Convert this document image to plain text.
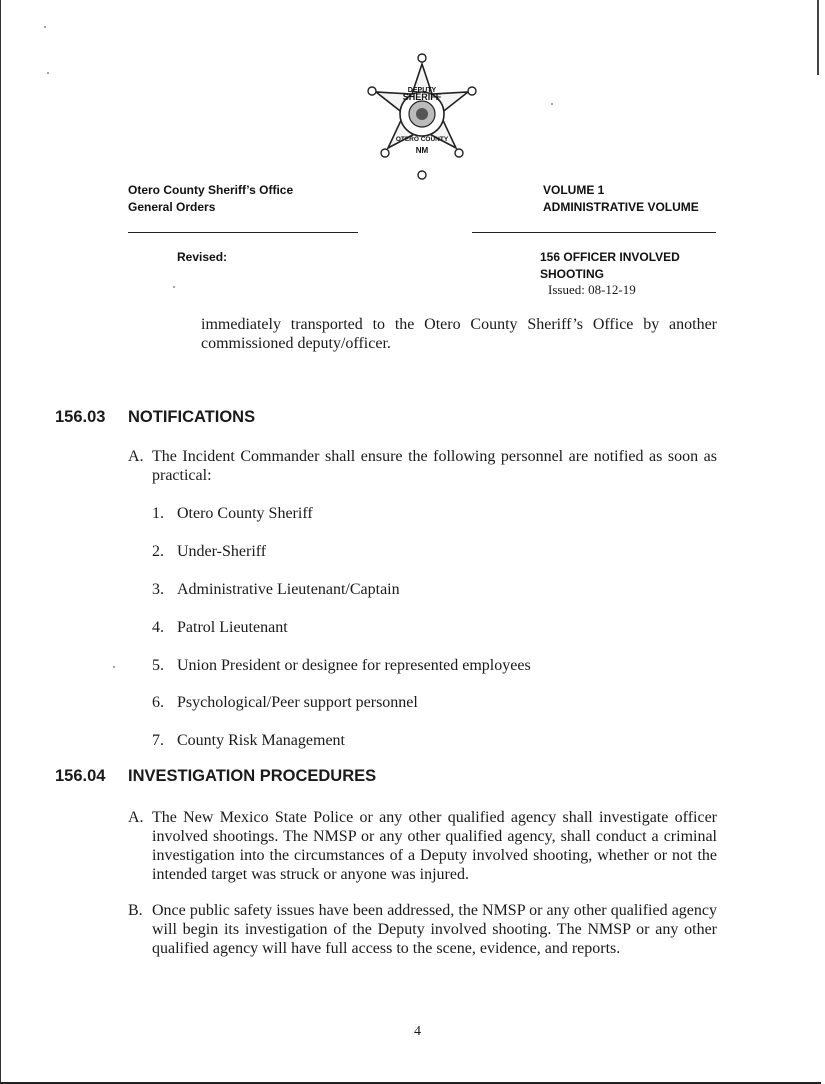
DEPUTY
SHERIFF
OTERO COUNTY
NM
Otero County Sheriff’s Office
General Orders
VOLUME 1
ADMINISTRATIVE VOLUME
Revised:	156 OFFICER INVOLVED
SHOOTING
Issued: 08-12-19
immediately transported to the Otero County Sheriff’s Office by another commissioned deputy/officer.
156.03 NOTIFICATIONS
A. The Incident Commander shall ensure the following personnel are notified as soon as practical:
1. Otero County Sheriff
2. Under-Sheriff
3. Administrative Lieutenant/Captain
4. Patrol Lieutenant
5. Union President or designee for represented employees
6. Psychological/Peer support personnel
7. County Risk Management
156.04 INVESTIGATION PROCEDURES
A. The New Mexico State Police or any other qualified agency shall investigate officer involved shootings. The NMSP or any other qualified agency, shall conduct a criminal investigation into the circumstances of a Deputy involved shooting, whether or not the intended target was struck or anyone was injured.
B. Once public safety issues have been addressed, the NMSP or any other qualified agency will begin its investigation of the Deputy involved shooting. The NMSP or any other qualified agency will have full access to the scene, evidence, and reports.
4
